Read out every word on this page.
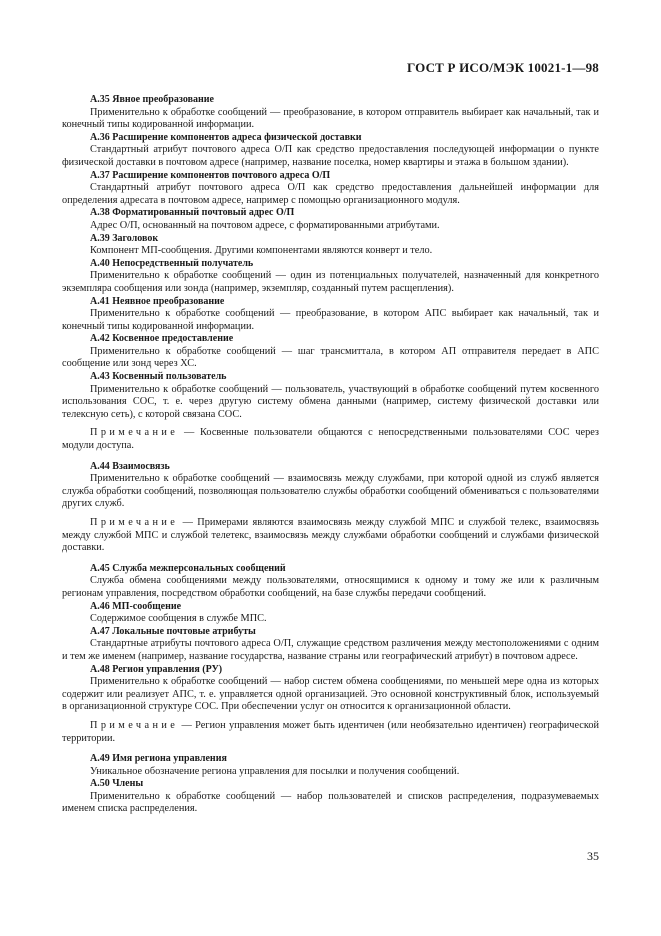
ГОСТ Р ИСО/МЭК 10021-1—98

А.35 Явное преобразование

Применительно к обработке сообщений — преобразование, в котором отправитель выбирает как начальный, так и конечный типы кодированной информации.

А.36 Расширение компонентов адреса физической доставки

Стандартный атрибут почтового адреса О/П как средство предоставления последующей информации о пункте физической доставки в почтовом адресе (например, название поселка, номер квартиры и этажа в большом здании).

А.37 Расширение компонентов почтового адреса О/П

Стандартный атрибут почтового адреса О/П как средство предоставления дальнейшей информации для определения адресата в почтовом адресе, например с помощью организационного модуля.

А.38 Форматированный почтовый адрес О/П

Адрес О/П, основанный на почтовом адресе, с форматированными атрибутами.

А.39 Заголовок

Компонент МП-сообщения. Другими компонентами являются конверт и тело.

А.40 Непосредственный получатель

Применительно к обработке сообщений — один из потенциальных получателей, назначенный для конкретного экземпляра сообщения или зонда (например, экземпляр, созданный путем расщепления).

А.41 Неявное преобразование

Применительно к обработке сообщений — преобразование, в котором АПС выбирает как начальный, так и конечный типы кодированной информации.

А.42 Косвенное предоставление

Применительно к обработке сообщений — шаг трансмиттала, в котором АП отправителя передает в АПС сообщение или зонд через ХС.

А.43 Косвенный пользователь

Применительно к обработке сообщений — пользователь, участвующий в обработке сообщений путем косвенного использования СОС, т. е. через другую систему обмена данными (например, систему физической доставки или телексную сеть), с которой связана СОС.

Примечание — Косвенные пользователи общаются с непосредственными пользователями СОС через модули доступа.

А.44 Взаимосвязь

Применительно к обработке сообщений — взаимосвязь между службами, при которой одной из служб является служба обработки сообщений, позволяющая пользователю службы обработки сообщений обмениваться с пользователями других служб.

Примечание — Примерами являются взаимосвязь между службой МПС и службой телекс, взаимосвязь между службой МПС и службой телетекс, взаимосвязь между службами обработки сообщений и службами физической доставки.

А.45 Служба межперсональных сообщений

Служба обмена сообщениями между пользователями, относящимися к одному и тому же или к различным регионам управления, посредством обработки сообщений, на базе службы передачи сообщений.

А.46 МП-сообщение

Содержимое сообщения в службе МПС.

А.47 Локальные почтовые атрибуты

Стандартные атрибуты почтового адреса О/П, служащие средством различения между местоположениями с одним и тем же именем (например, название государства, название страны или географический атрибут) в почтовом адресе.

А.48 Регион управления (РУ)

Применительно к обработке сообщений — набор систем обмена сообщениями, по меньшей мере одна из которых содержит или реализует АПС, т. е. управляется одной организацией. Это основной конструктивный блок, используемый в организационной структуре СОС. При обеспечении услуг он относится к организационной области.

Примечание — Регион управления может быть идентичен (или необязательно идентичен) географической территории.

А.49 Имя региона управления

Уникальное обозначение региона управления для посылки и получения сообщений.

А.50 Члены

Применительно к обработке сообщений — набор пользователей и списков распределения, подразумеваемых именем списка распределения.

35
